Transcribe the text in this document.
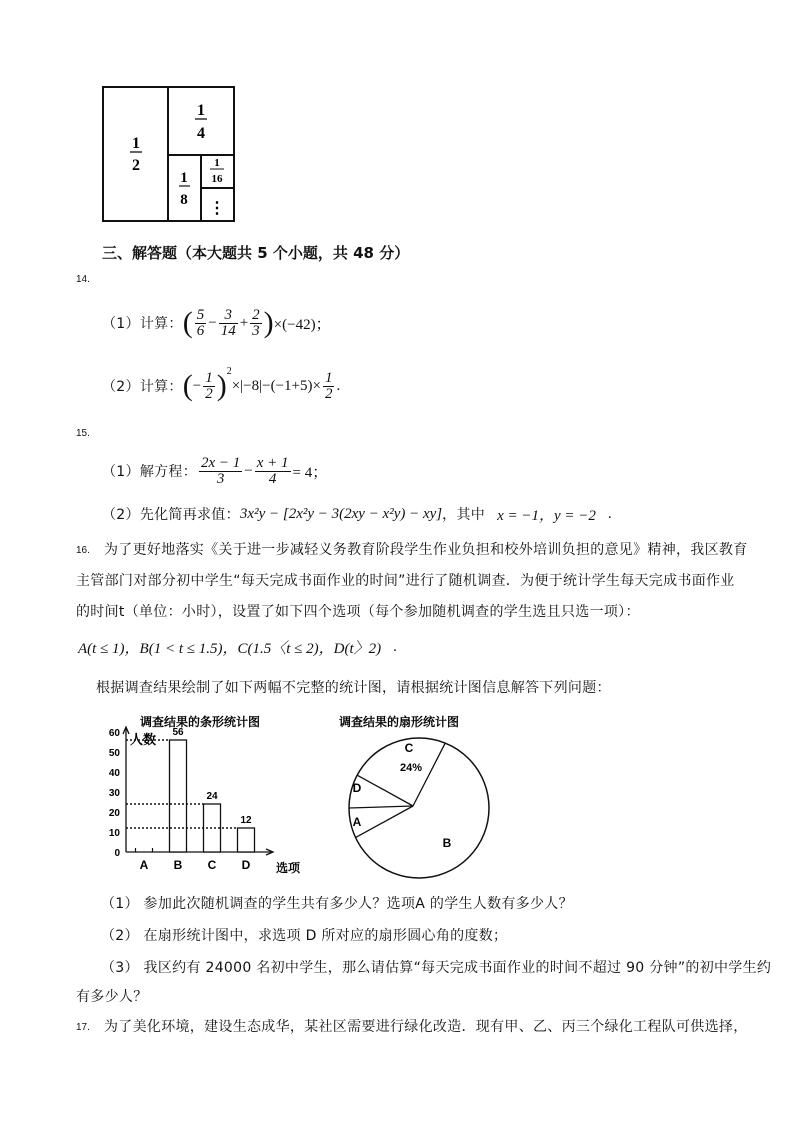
1
2
1
4
1
8
1
16
⋮
三、解答题（本大题共 5 个小题，共 48 分）
14.
（1） 计算： ( $\frac{5}{6} - \frac{3}{14} + \frac{2}{3}$ ) ×(−42)；
（2） 计算： ( − $\frac{1}{2}$ ) 2
$\times|-8|-(-1+5)\times \frac{1}{2}$ .
15.
（1） 解方程： $\frac{2x - 1}{3} - \frac{x + 1}{4} = 4$；
（2） 先化简再求值： 3x²y − [2x²y − 3(2xy − x²y) − xy] ，其中 x = −1，y = −2 .
16. 为了更好地落实《关于进一步减轻义务教育阶段学生作业负担和校外培训负担的意见》精神，我区教育
主管部门对部分初中学生“每天完成书面作业的时间”进行了随机调查．为便于统计学生每天完成书面作业
的时间t（单位：小时），设置了如下四个选项（每个参加随机调查的学生选且只选一项）：
A(t ≤ 1)，B(1 < t ≤ 1.5)，C(1.5〈t ≤ 2)，D(t〉2) .
根据调查结果绘制了如下两幅不完整的统计图，请根据统计图信息解答下列问题：
调查结果的条形统计图
人数
选项
0
10
20
30
40
50
60
A B
56
C
24
D
12
调查结果的扇形统计图
C
D
A
B
24%
（1） 参加此次随机调查的学生共有多少人？选项A 的学生人数有多少人？
（2） 在扇形统计图中，求选项 D 所对应的扇形圆心角的度数；
（3） 我区约有 24000 名初中学生，那么请估算“每天完成书面作业的时间不超过 90 分钟”的初中学生约
有多少人？
17. 为了美化环境，建设生态成华，某社区需要进行绿化改造．现有甲、乙、丙三个绿化工程队可供选择，
